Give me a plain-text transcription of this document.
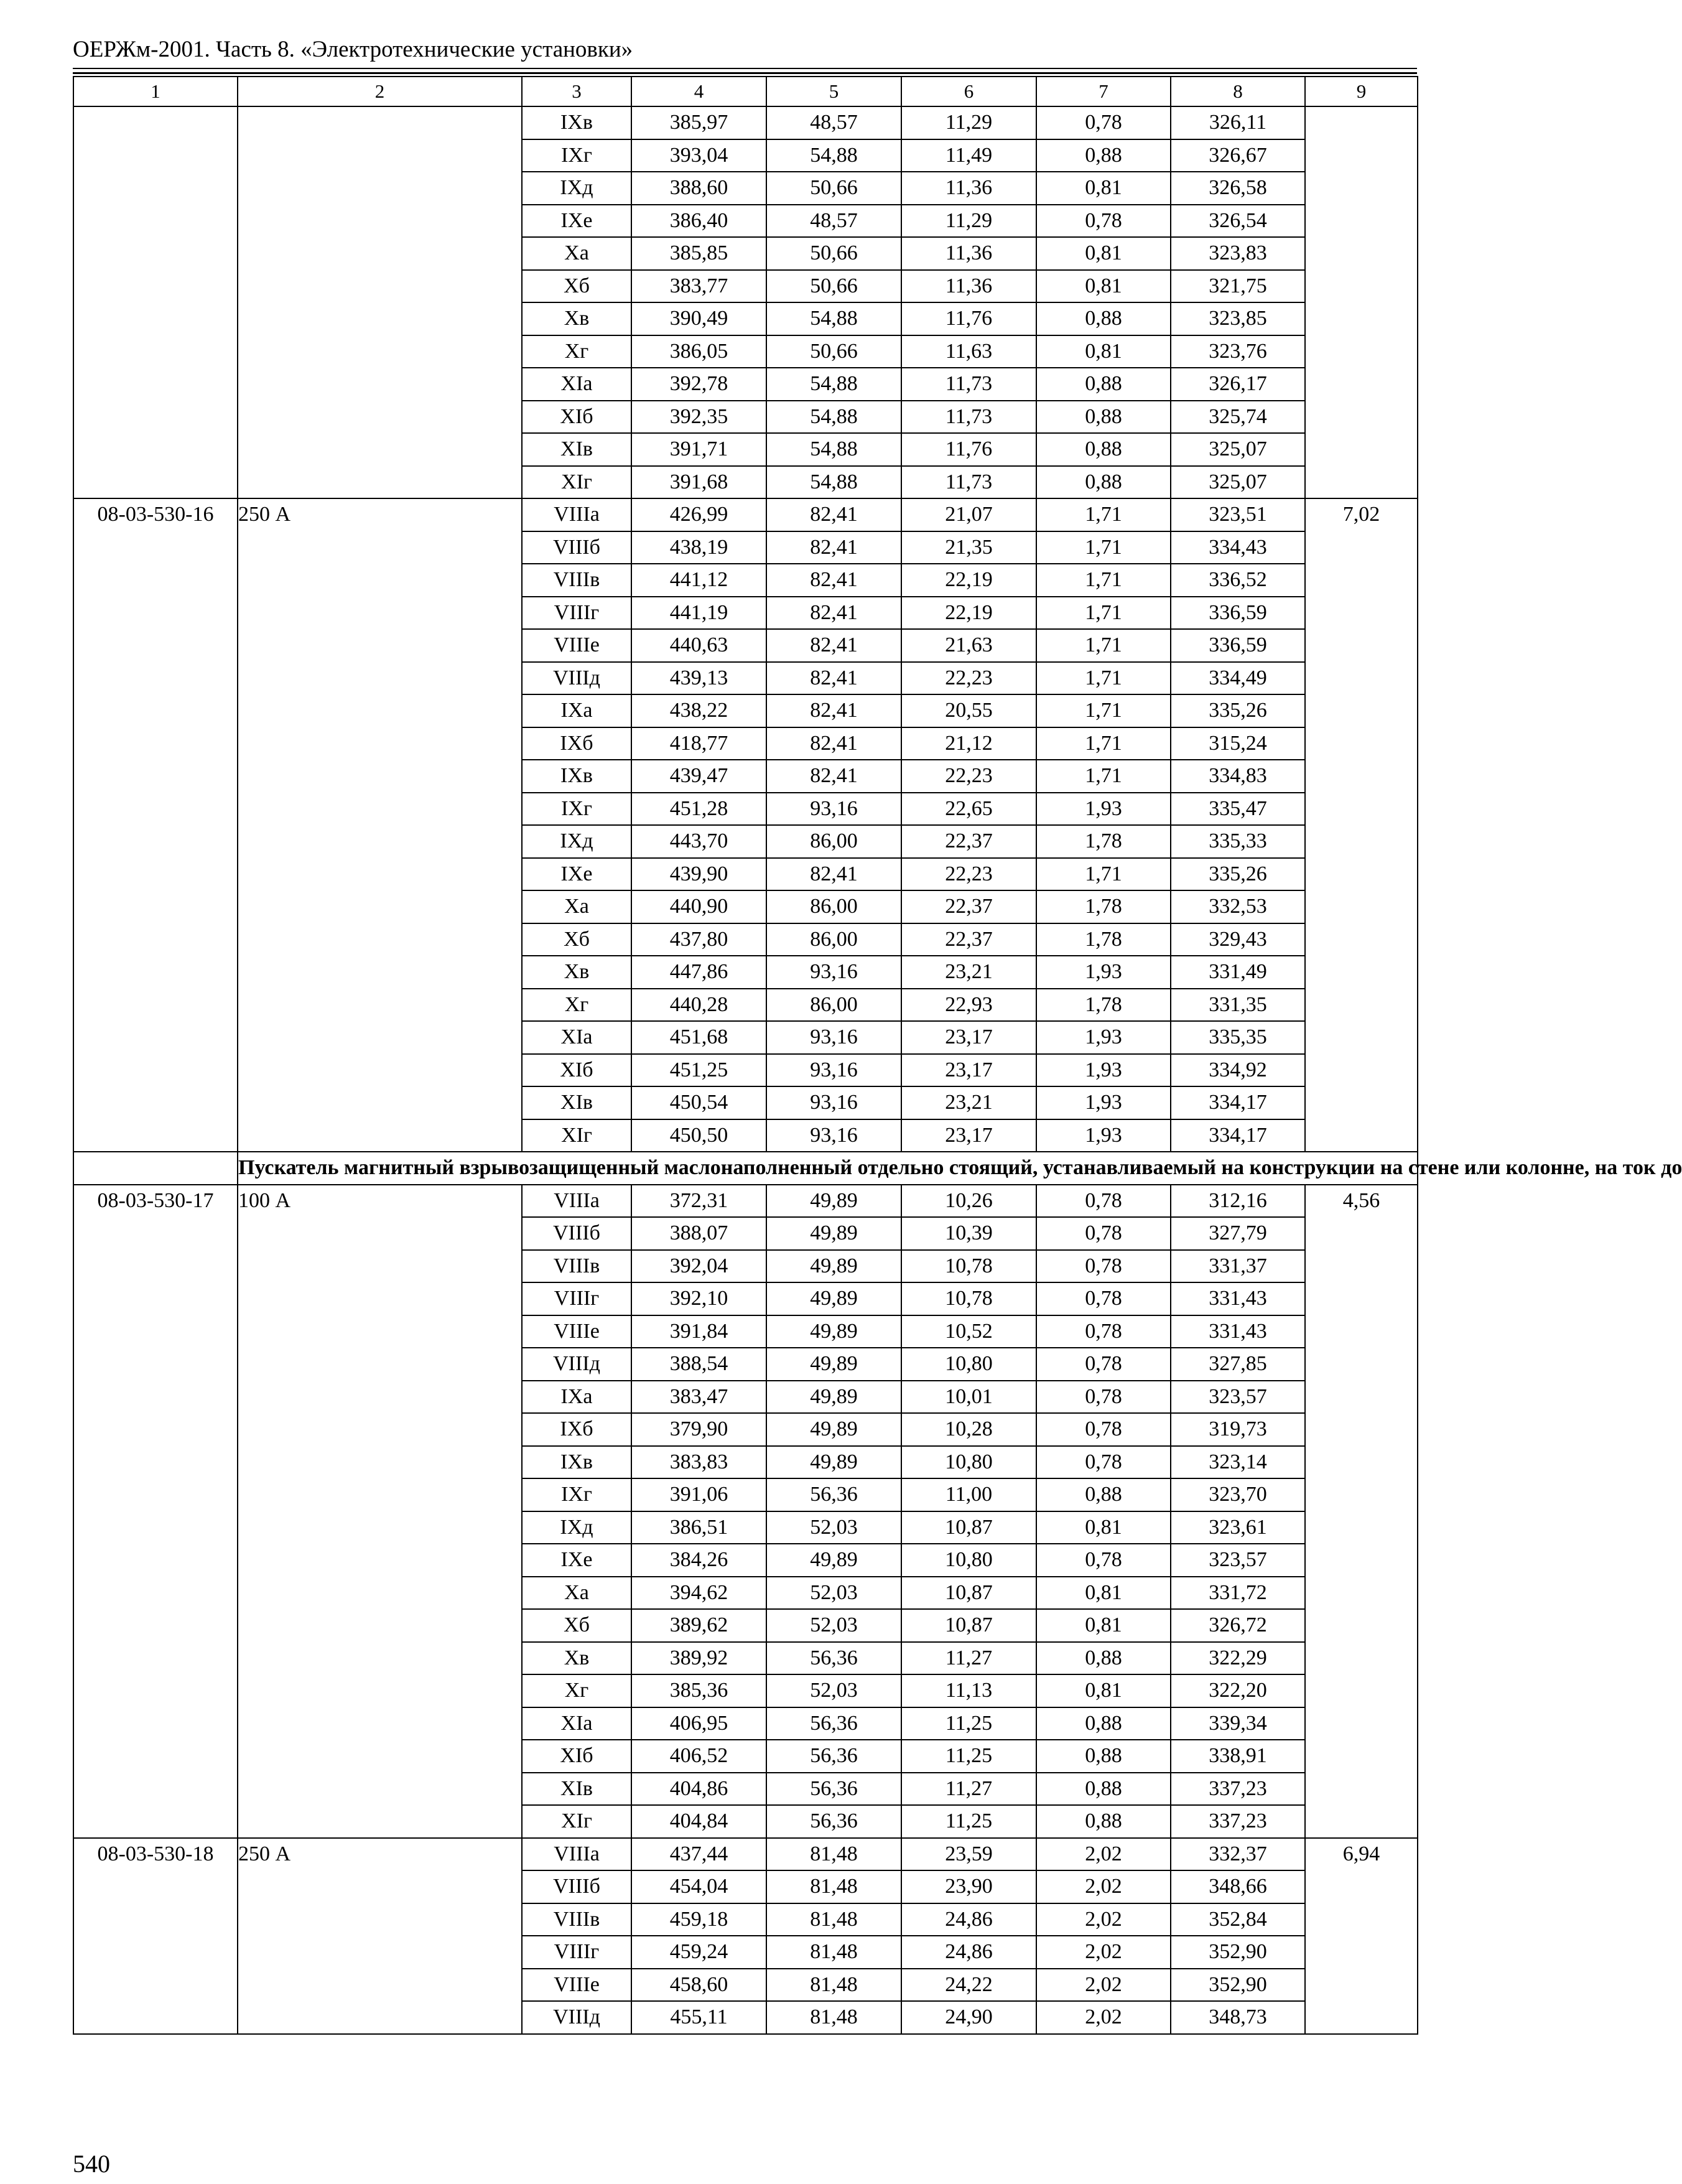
ОЕРЖм-2001. Часть 8. «Электротехнические установки»
1	2	3	4	5	6	7	8	9
		IXв	385,97	48,57	11,29	0,78	326,11	
		IXг	393,04	54,88	11,49	0,88	326,67	
		IXд	388,60	50,66	11,36	0,81	326,58	
		IXе	386,40	48,57	11,29	0,78	326,54	
		Xа	385,85	50,66	11,36	0,81	323,83	
		Xб	383,77	50,66	11,36	0,81	321,75	
		Xв	390,49	54,88	11,76	0,88	323,85	
		Xг	386,05	50,66	11,63	0,81	323,76	
		XIа	392,78	54,88	11,73	0,88	326,17	
		XIб	392,35	54,88	11,73	0,88	325,74	
		XIв	391,71	54,88	11,76	0,88	325,07	
		XIг	391,68	54,88	11,73	0,88	325,07	
08-03-530-16	250 А	VIIIа	426,99	82,41	21,07	1,71	323,51	7,02
		VIIIб	438,19	82,41	21,35	1,71	334,43	
		VIIIв	441,12	82,41	22,19	1,71	336,52	
		VIIIг	441,19	82,41	22,19	1,71	336,59	
		VIIIе	440,63	82,41	21,63	1,71	336,59	
		VIIIд	439,13	82,41	22,23	1,71	334,49	
		IXа	438,22	82,41	20,55	1,71	335,26	
		IXб	418,77	82,41	21,12	1,71	315,24	
		IXв	439,47	82,41	22,23	1,71	334,83	
		IXг	451,28	93,16	22,65	1,93	335,47	
		IXд	443,70	86,00	22,37	1,78	335,33	
		IXе	439,90	82,41	22,23	1,71	335,26	
		Xа	440,90	86,00	22,37	1,78	332,53	
		Xб	437,80	86,00	22,37	1,78	329,43	
		Xв	447,86	93,16	23,21	1,93	331,49	
		Xг	440,28	86,00	22,93	1,78	331,35	
		XIа	451,68	93,16	23,17	1,93	335,35	
		XIб	451,25	93,16	23,17	1,93	334,92	
		XIв	450,54	93,16	23,21	1,93	334,17	
		XIг	450,50	93,16	23,17	1,93	334,17	
	Пускатель магнитный взрывозащищенный маслонаполненный отдельно стоящий, устанавливаемый на конструкции на стене или колонне, на ток до							
08-03-530-17	100 А	VIIIа	372,31	49,89	10,26	0,78	312,16	4,56
		VIIIб	388,07	49,89	10,39	0,78	327,79	
		VIIIв	392,04	49,89	10,78	0,78	331,37	
		VIIIг	392,10	49,89	10,78	0,78	331,43	
		VIIIе	391,84	49,89	10,52	0,78	331,43	
		VIIIд	388,54	49,89	10,80	0,78	327,85	
		IXа	383,47	49,89	10,01	0,78	323,57	
		IXб	379,90	49,89	10,28	0,78	319,73	
		IXв	383,83	49,89	10,80	0,78	323,14	
		IXг	391,06	56,36	11,00	0,88	323,70	
		IXд	386,51	52,03	10,87	0,81	323,61	
		IXе	384,26	49,89	10,80	0,78	323,57	
		Xа	394,62	52,03	10,87	0,81	331,72	
		Xб	389,62	52,03	10,87	0,81	326,72	
		Xв	389,92	56,36	11,27	0,88	322,29	
		Xг	385,36	52,03	11,13	0,81	322,20	
		XIа	406,95	56,36	11,25	0,88	339,34	
		XIб	406,52	56,36	11,25	0,88	338,91	
		XIв	404,86	56,36	11,27	0,88	337,23	
		XIг	404,84	56,36	11,25	0,88	337,23	
08-03-530-18	250 А	VIIIа	437,44	81,48	23,59	2,02	332,37	6,94
		VIIIб	454,04	81,48	23,90	2,02	348,66	
		VIIIв	459,18	81,48	24,86	2,02	352,84	
		VIIIг	459,24	81,48	24,86	2,02	352,90	
		VIIIе	458,60	81,48	24,22	2,02	352,90	
		VIIIд	455,11	81,48	24,90	2,02	348,73	
540
